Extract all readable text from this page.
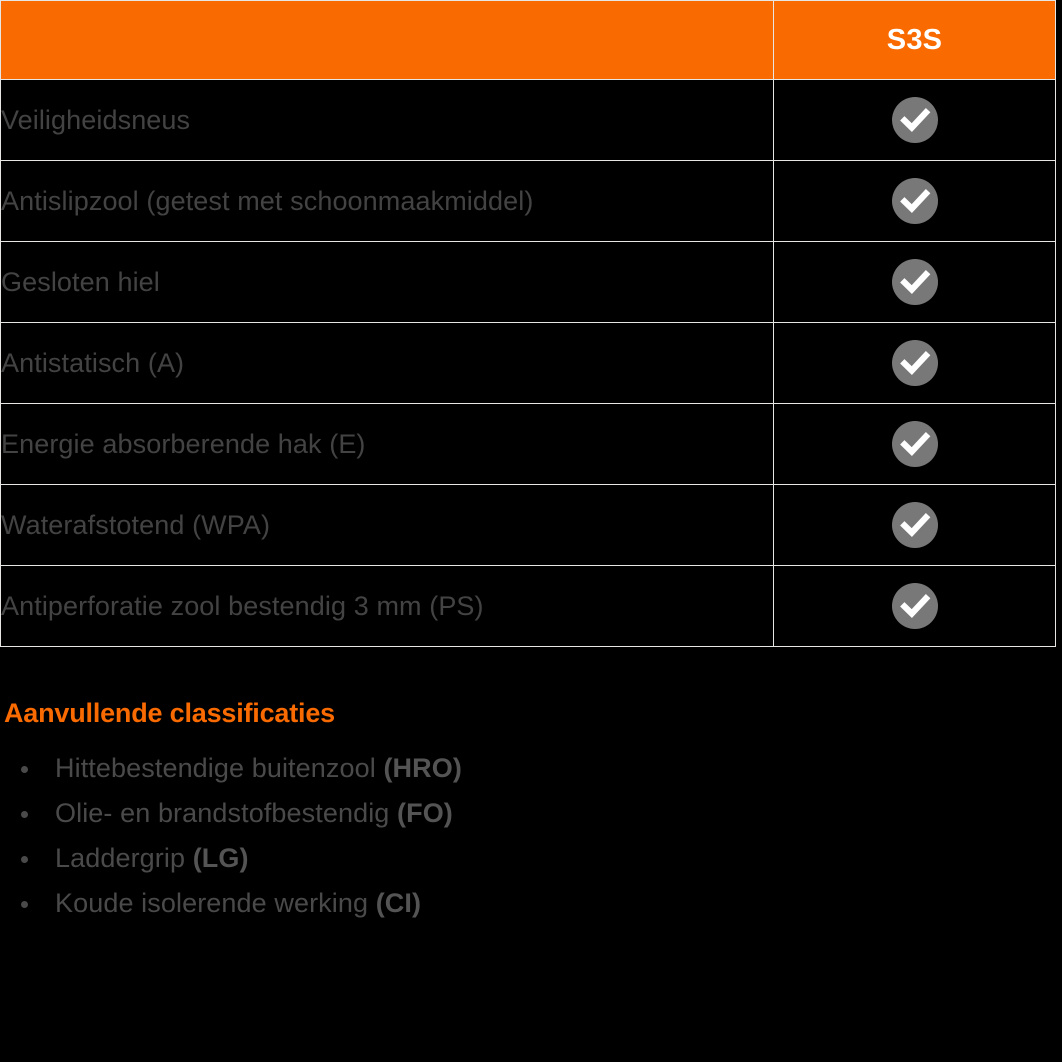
	S3S
Veiligheidsneus	
Antislipzool (getest met schoonmaakmiddel)	
Gesloten hiel	
Antistatisch (A)	
Energie absorberende hak (E)	
Waterafstotend (WPA)	
Antiperforatie zool bestendig 3 mm (PS)	
Aanvullende classificaties
Hittebestendige buitenzool (HRO)
Olie- en brandstofbestendig (FO)
Laddergrip (LG)
Koude isolerende werking (CI)
